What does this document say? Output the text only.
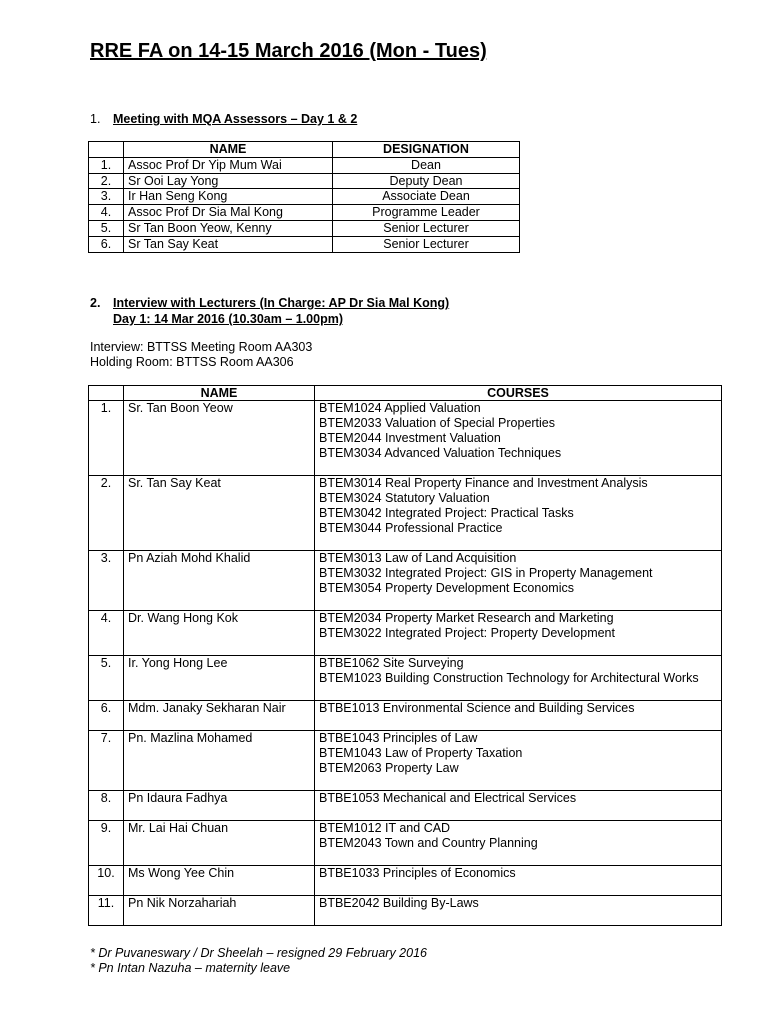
RRE FA on 14-15 March 2016 (Mon - Tues)
1. Meeting with MQA Assessors – Day 1 & 2
	NAME	DESIGNATION
1.	Assoc Prof Dr Yip Mum Wai	Dean
2.	Sr Ooi Lay Yong	Deputy Dean
3.	Ir Han Seng Kong	Associate Dean
4.	Assoc Prof Dr Sia Mal Kong	Programme Leader
5.	Sr Tan Boon Yeow, Kenny	Senior Lecturer
6.	Sr Tan Say Keat	Senior Lecturer
2. Interview with Lecturers (In Charge: AP Dr Sia Mal Kong)
Day 1: 14 Mar 2016 (10.30am – 1.00pm)
Interview: BTTSS Meeting Room AA303
Holding Room: BTTSS Room AA306
	NAME	COURSES
1.	Sr. Tan Boon Yeow	BTEM1024 Applied Valuation
BTEM2033 Valuation of Special Properties
BTEM2044 Investment Valuation
BTEM3034 Advanced Valuation Techniques

2.	Sr. Tan Say Keat	BTEM3014 Real Property Finance and Investment Analysis
BTEM3024 Statutory Valuation
BTEM3042 Integrated Project: Practical Tasks
BTEM3044 Professional Practice

3.	Pn Aziah Mohd Khalid	BTEM3013 Law of Land Acquisition
BTEM3032 Integrated Project: GIS in Property Management
BTEM3054 Property Development Economics

4.	Dr. Wang Hong Kok	BTEM2034 Property Market Research and Marketing
BTEM3022 Integrated Project: Property Development

5.	Ir. Yong Hong Lee	BTBE1062 Site Surveying
BTEM1023 Building Construction Technology for Architectural Works

6.	Mdm. Janaky Sekharan Nair	BTBE1013 Environmental Science and Building Services

7.	Pn. Mazlina Mohamed	BTBE1043 Principles of Law
BTEM1043 Law of Property Taxation
BTEM2063 Property Law

8.	Pn Idaura Fadhya	BTBE1053 Mechanical and Electrical Services

9.	Mr. Lai Hai Chuan	BTEM1012 IT and CAD
BTEM2043 Town and Country Planning

10.	Ms Wong Yee Chin	BTBE1033 Principles of Economics

11.	Pn Nik Norzahariah	BTBE2042 Building By-Laws
* Dr Puvaneswary / Dr Sheelah – resigned 29 February 2016
* Pn Intan Nazuha – maternity leave
